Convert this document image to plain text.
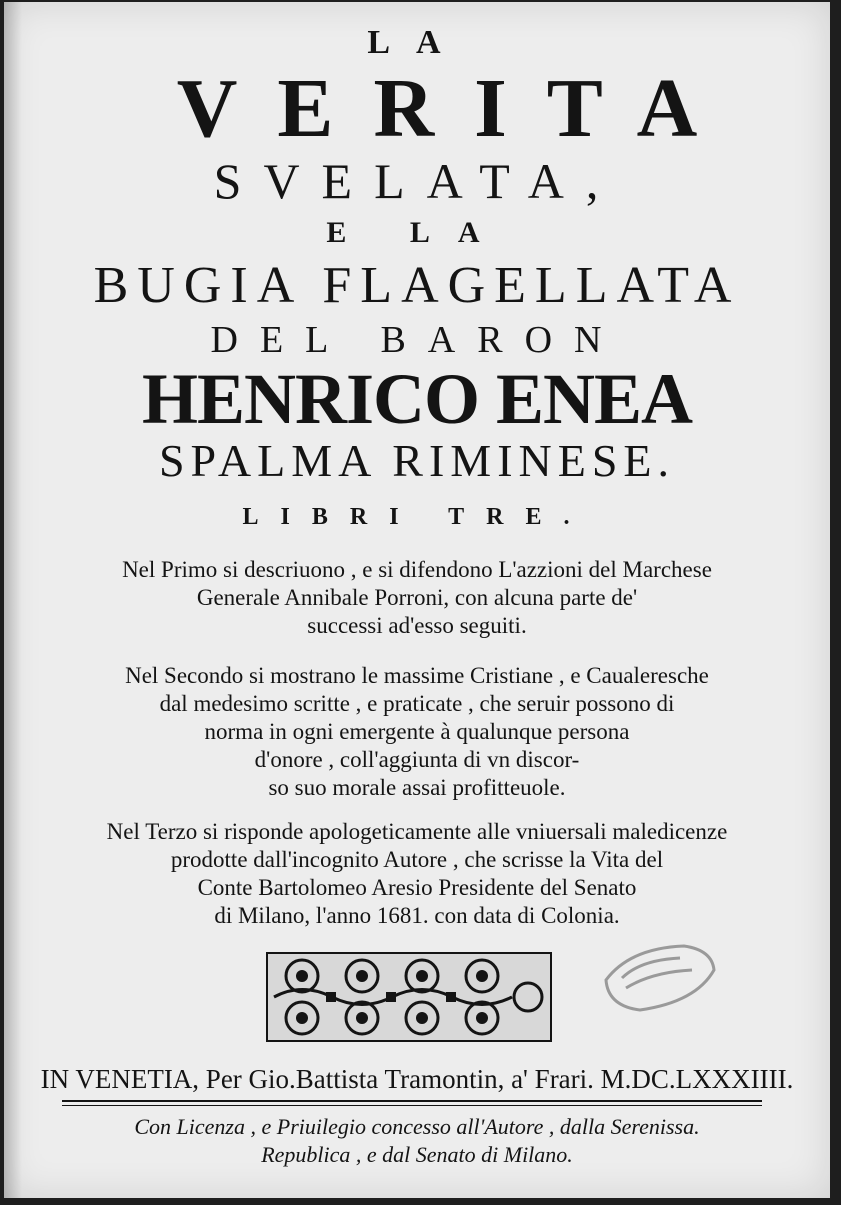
LA
VERITA
SVELATA,
E LA
BUGIA FLAGELLATA
DEL BARON
HENRICO ENEA
SPALMA RIMINESE.
LIBRI TRE.
Nel Primo si descriuono , e si difendono L'azzioni del Marchese
Generale Annibale Porroni, con alcuna parte de'
successi ad'esso seguiti.
Nel Secondo si mostrano le massime Cristiane , e Caualeresche
dal medesimo scritte , e praticate , che seruir possono di
norma in ogni emergente à qualunque persona
d'onore , coll'aggiunta di vn discor-
so suo morale assai profitteuole.
Nel Terzo si risponde apologeticamente alle vniuersali maledicenze
prodotte dall'incognito Autore , che scrisse la Vita del
Conte Bartolomeo Aresio Presidente del Senato
di Milano, l'anno 1681. con data di Colonia.
IN VENETIA, Per Gio.Battista Tramontin, a' Frari. M.DC.LXXXIIII.
Con Licenza , e Priuilegio concesso all'Autore , dalla Serenissa.
Republica , e dal Senato di Milano.
